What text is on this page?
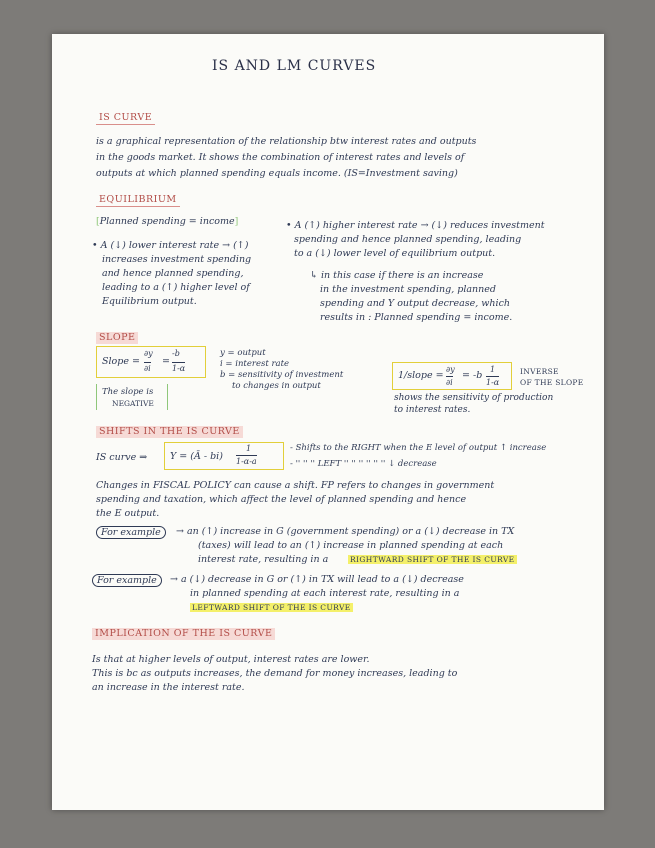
IS AND LM CURVES
IS CURVE
is a graphical representation of the relationship btw interest rates and outputs
in the goods market. It shows the combination of interest rates and levels of
outputs at which planned spending equals income. (IS=Investment saving)
EQUILIBRIUM
[Planned spending = income]
• A (↓) lower interest rate → (↑)
increases investment spending
and hence planned spending,
leading to a (↑) higher level of
Equilibrium output.
• A (↑) higher interest rate → (↓) reduces investment
spending and hence planned spending, leading
to a (↓) lower level of equilibrium output.
↳ in this case if there is an increase
in the investment spending, planned
spending and Y output decrease, which
results in : Planned spending = income.
SLOPE
Slope =
∂y
∂i
=
-b
1-α
y = output
i = interest rate
b = sensitivity of investment
to changes in output
The slope is
NEGATIVE
1/slope =
∂y
∂i
= -b
1
1-α
INVERSE
OF THE SLOPE
shows the sensitivity of production
to interest rates.
SHIFTS IN THE IS CURVE
IS curve ⇒ Y = (Ā - bi)
1
1-α-a
- Shifts to the RIGHT when the E level of output ↑ increase
- '' '' '' LEFT '' '' '' '' '' '' ↓ decrease
Changes in FISCAL POLICY can cause a shift. FP refers to changes in government
spending and taxation, which affect the level of planned spending and hence
the E output.
For example	→ an (↑) increase in G (government spending) or a (↓) decrease in TX
(taxes) will lead to an (↑) increase in planned spending at each
interest rate, resulting in a	RIGHTWARD SHIFT OF THE IS CURVE
For example	→ a (↓) decrease in G or (↑) in TX will lead to a (↓) decrease
in planned spending at each interest rate, resulting in a
LEFTWARD SHIFT OF THE IS CURVE
IMPLICATION OF THE IS CURVE
Is that at higher levels of output, interest rates are lower.
This is bc as outputs increases, the demand for money increases, leading to
an increase in the interest rate.
